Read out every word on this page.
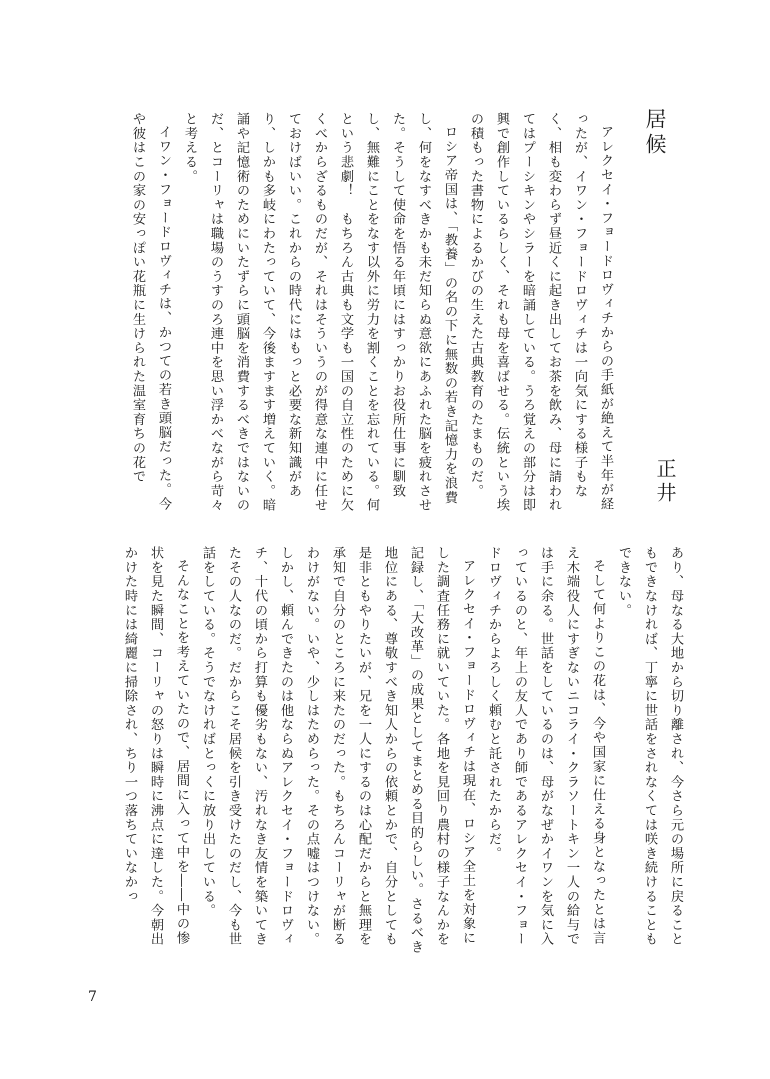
居候
正井

アレクセイ・フョードロヴィチからの手紙が絶えて半年が経ったが、イワン・フョードロヴィチは一向気にする様子もなく、相も変わらず昼近くに起き出してお茶を飲み、母に請われてはプーシキンやシラーを暗誦している。うろ覚えの部分は即興で創作しているらしく、それも母を喜ばせる。伝統という埃の積もった書物によるかびの生えた古典教育のたまものだ。

ロシア帝国は、「教養」の名の下に無数の若き記憶力を浪費し、何をなすべきかも未だ知らぬ意欲にあふれた脳を疲れさせた。そうして使命を悟る年頃にはすっかりお役所仕事に馴致し、無難にことをなす以外に労力を割くことを忘れている。何という悲劇！　もちろん古典も文学も一国の自立性のために欠くべからざるものだが、それはそういうのが得意な連中に任せておけばいい。これからの時代にはもっと必要な新知識があり、しかも多岐にわたっていて、今後ますます増えていく。暗誦や記憶術のためにいたずらに頭脳を消費するべきではないのだ、とコーリャは職場のうすのろ連中を思い浮かべながら苛々と考える。

イワン・フョードロヴィチは、かつての若き頭脳だった。今や彼はこの家の安っぽい花瓶に生けられた温室育ちの花で

あり、母なる大地から切り離され、今さら元の場所に戻ることもできなければ、丁寧に世話をされなくては咲き続けることもできない。

そして何よりこの花は、今や国家に仕える身となったとは言え木端役人にすぎないニコライ・クラソートキン一人の給与では手に余る。世話をしているのは、母がなぜかイワンを気に入っているのと、年上の友人であり師であるアレクセイ・フョードロヴィチからよろしく頼むと託されたからだ。

アレクセイ・フョードロヴィチは現在、ロシア全土を対象にした調査任務に就いていた。各地を見回り農村の様子なんかを記録し、「大改革」の成果としてまとめる目的らしい。さるべき地位にある、尊敬すべき知人からの依頼とかで、自分としても是非ともやりたいが、兄を一人にするのは心配だからと無理を承知で自分のところに来たのだった。もちろんコーリャが断るわけがない。いや、少しはためらった。その点嘘はつけない。しかし、頼んできたのは他ならぬアレクセイ・フョードロヴィチ、十代の頃から打算も優劣もない、汚れなき友情を築いてきたその人なのだ。だからこそ居候を引き受けたのだし、今も世話をしている。そうでなければとっくに放り出している。

そんなことを考えていたので、居間に入って中を――中の惨状を見た瞬間、コーリャの怒りは瞬時に沸点に達した。今朝出かけた時には綺麗に掃除され、ちり一つ落ちていなかっ

7
